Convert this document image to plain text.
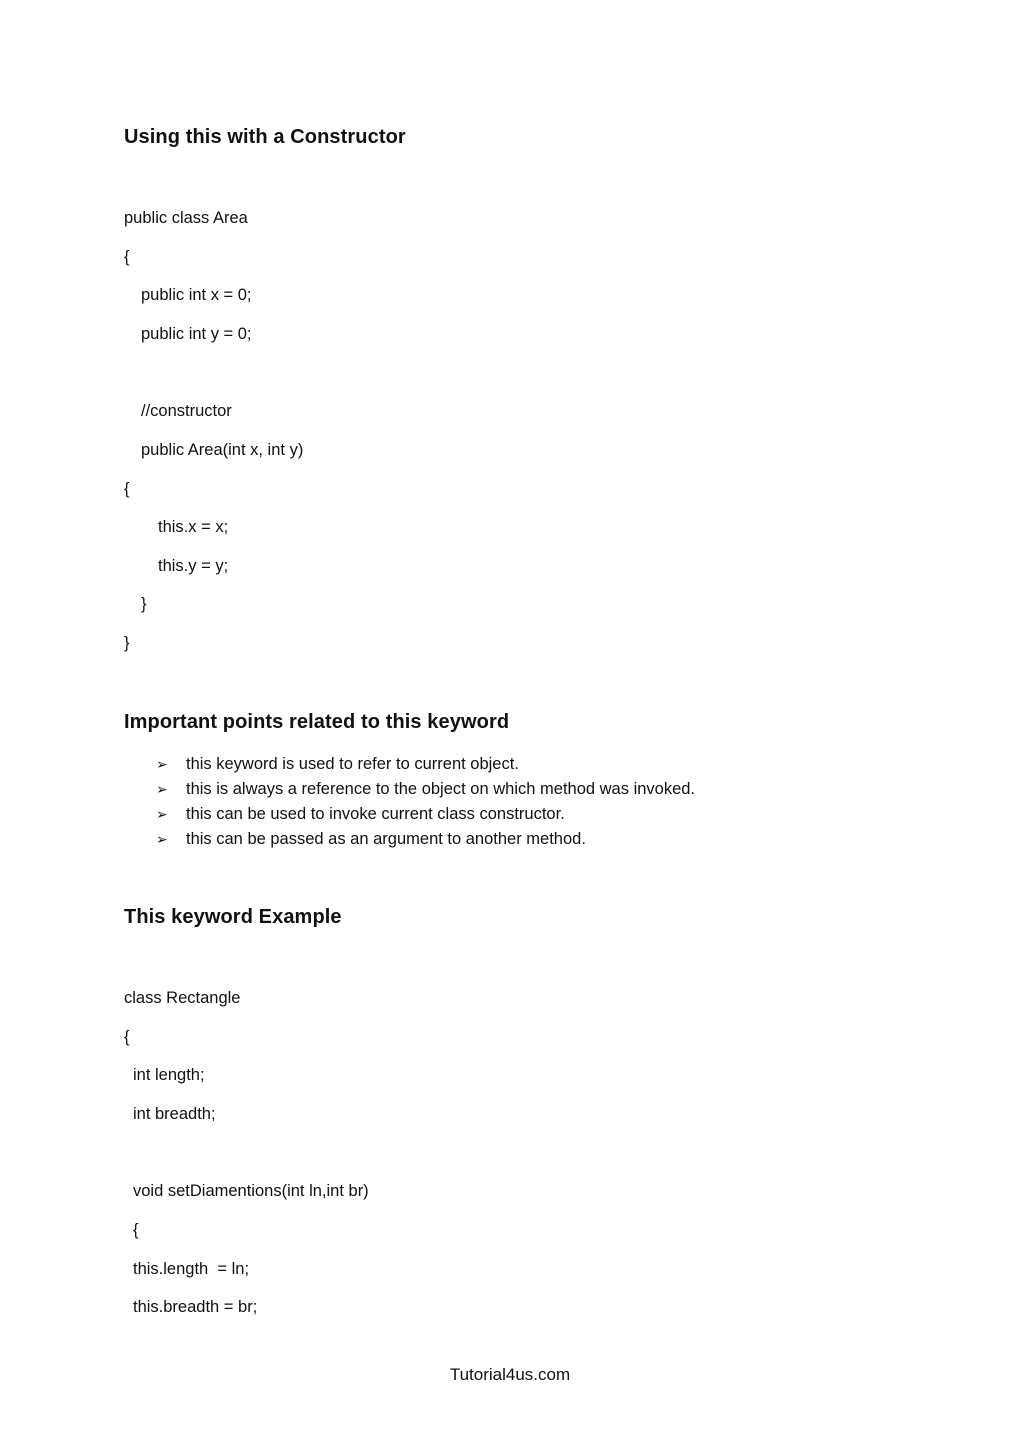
Using this with a Constructor
public class Area
{
public int x = 0;
public int y = 0;
//constructor
public Area(int x, int y)
{
this.x = x;
this.y = y;
}
}
Important points related to this keyword
➢ this keyword is used to refer to current object.
➢ this is always a reference to the object on which method was invoked.
➢ this can be used to invoke current class constructor.
➢ this can be passed as an argument to another method.
This keyword Example
class Rectangle
{
int length;
int breadth;
void setDiamentions(int ln,int br)
{
this.length  = ln;
this.breadth = br;
Tutorial4us.com
